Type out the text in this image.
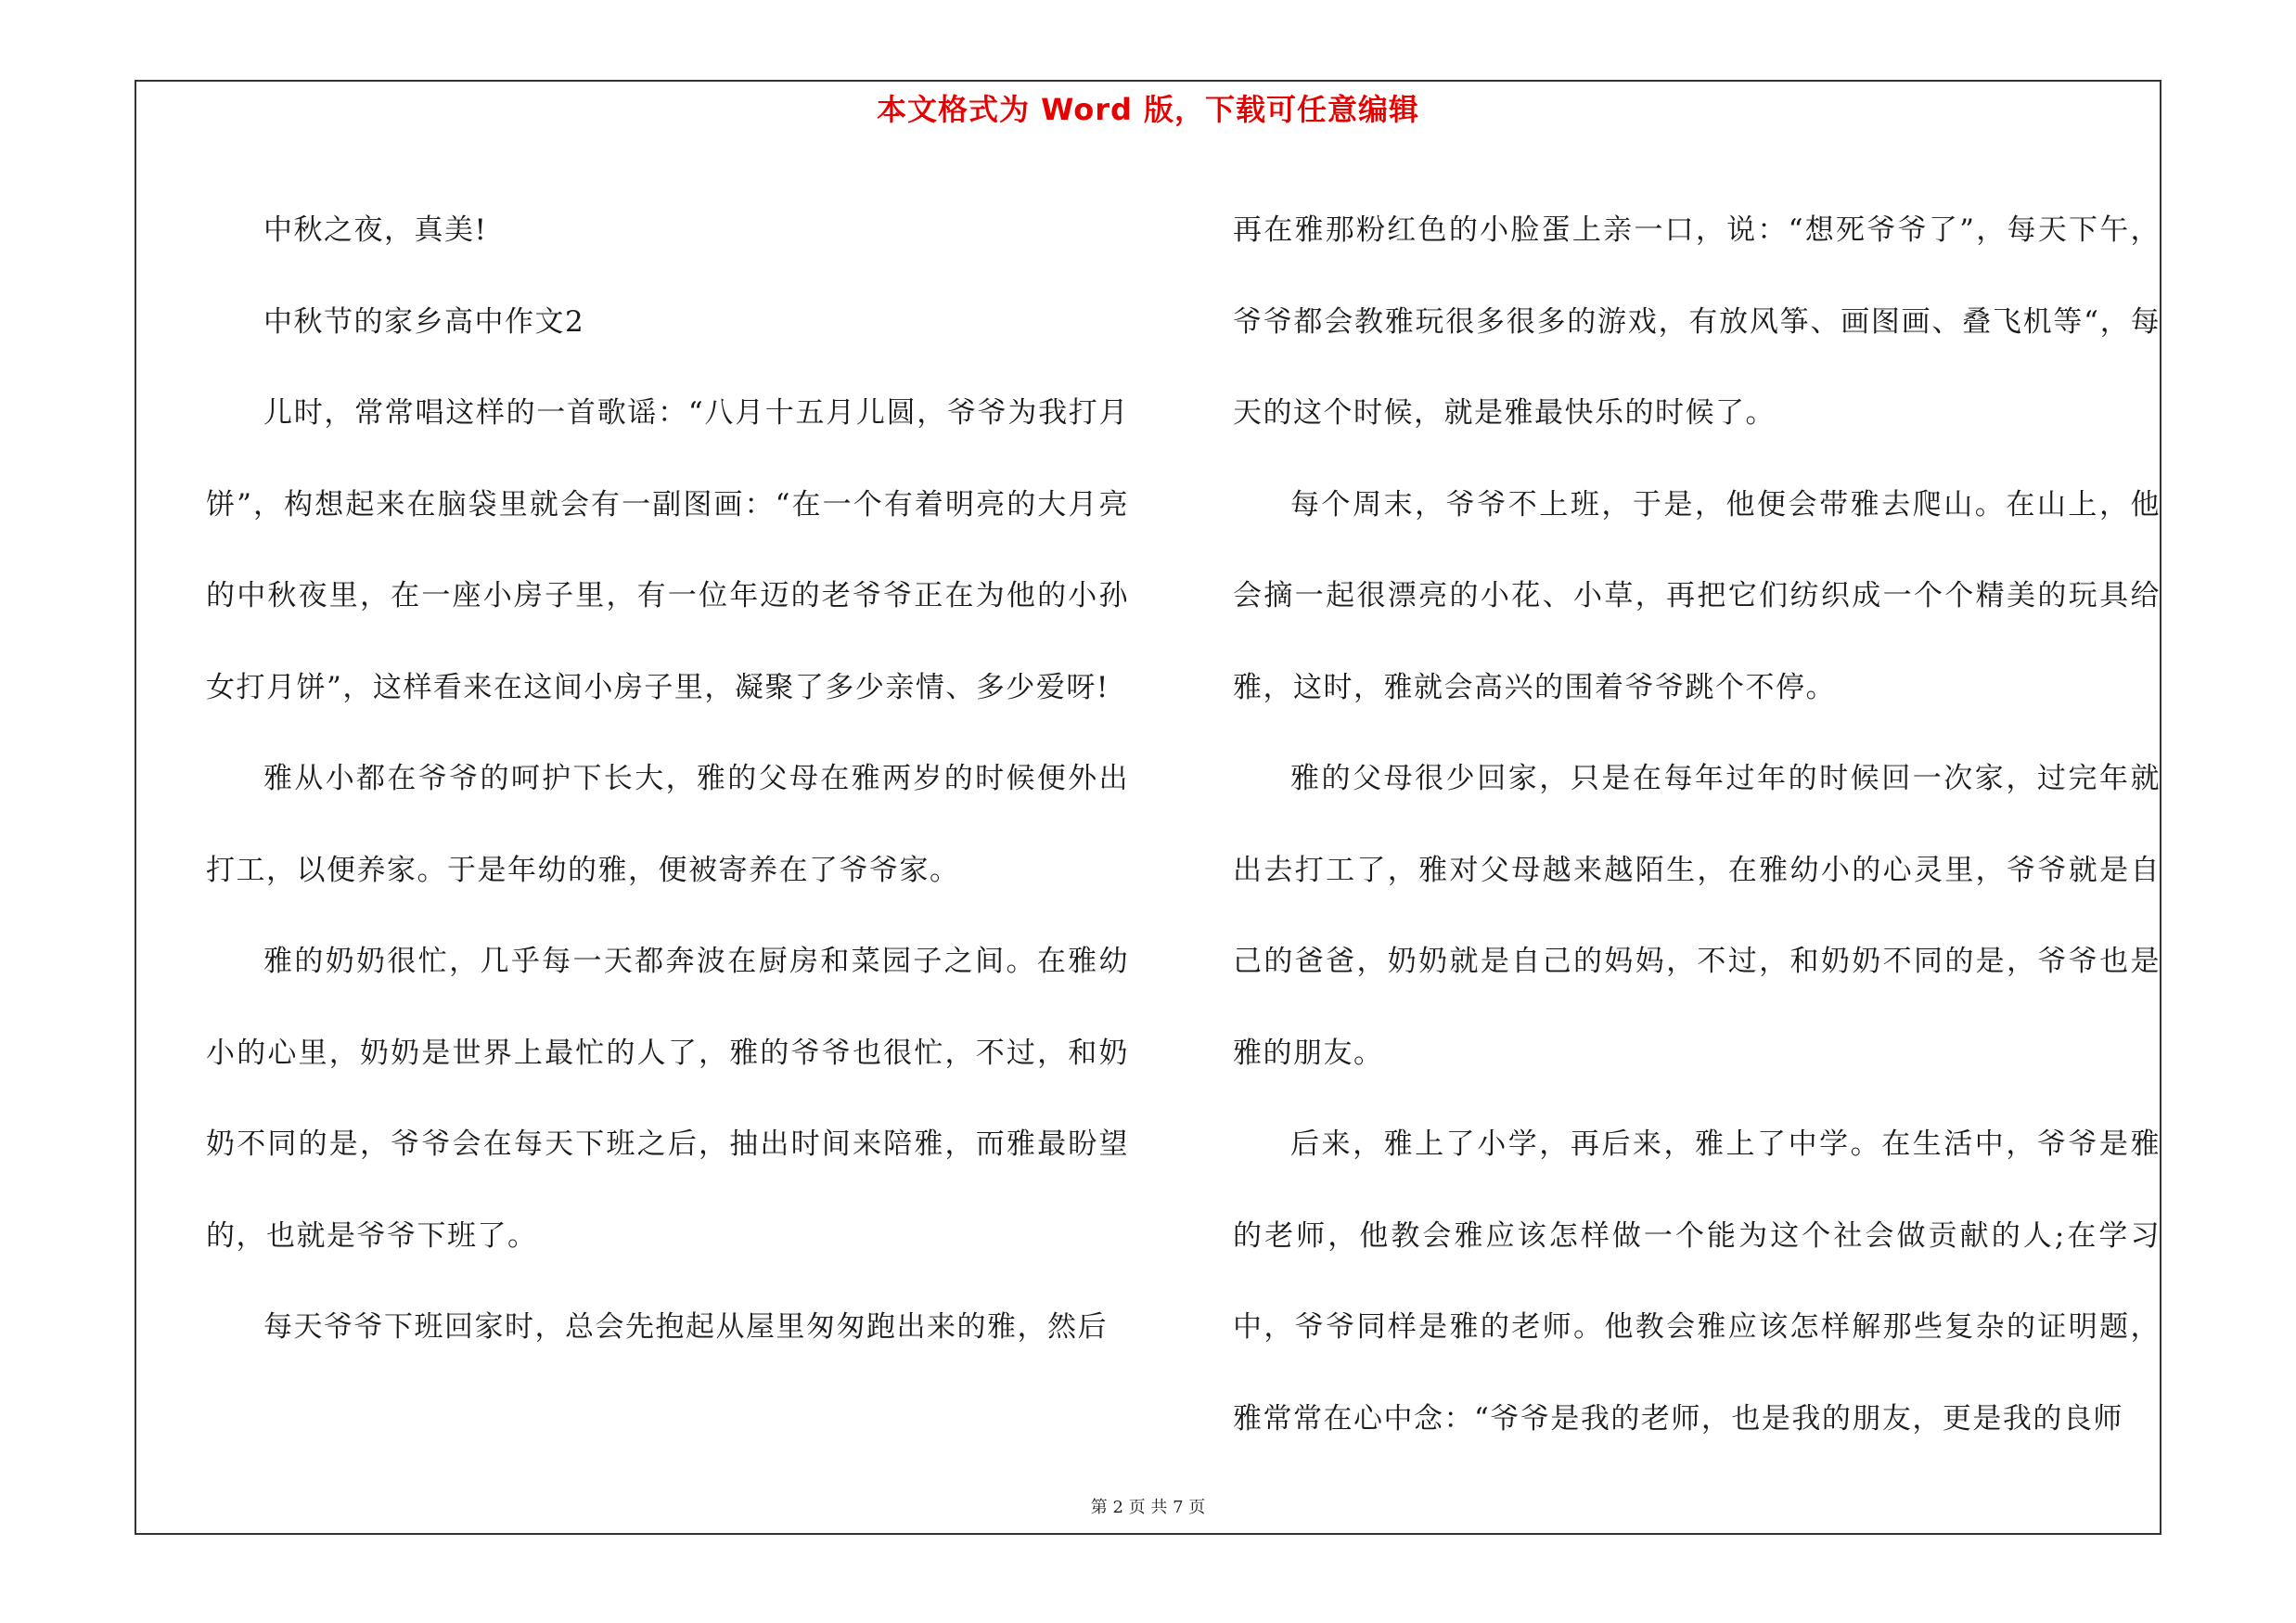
本文格式为 Word 版，下载可任意编辑

中秋之夜，真美!

中秋节的家乡高中作文2

儿时，常常唱这样的一首歌谣：“八月十五月儿圆，爷爷为我打月饼”，构想起来在脑袋里就会有一副图画：“在一个有着明亮的大月亮的中秋夜里，在一座小房子里，有一位年迈的老爷爷正在为他的小孙女打月饼”，这样看来在这间小房子里，凝聚了多少亲情、多少爱呀!

雅从小都在爷爷的呵护下长大，雅的父母在雅两岁的时候便外出打工，以便养家。于是年幼的雅，便被寄养在了爷爷家。

雅的奶奶很忙，几乎每一天都奔波在厨房和菜园子之间。在雅幼小的心里，奶奶是世界上最忙的人了，雅的爷爷也很忙，不过，和奶奶不同的是，爷爷会在每天下班之后，抽出时间来陪雅，而雅最盼望的，也就是爷爷下班了。

每天爷爷下班回家时，总会先抱起从屋里匆匆跑出来的雅，然后

再在雅那粉红色的小脸蛋上亲一口，说：“想死爷爷了”，每天下午，爷爷都会教雅玩很多很多的游戏，有放风筝、画图画、叠飞机等“，每天的这个时候，就是雅最快乐的时候了。

每个周末，爷爷不上班，于是，他便会带雅去爬山。在山上，他会摘一起很漂亮的小花、小草，再把它们纺织成一个个精美的玩具给雅，这时，雅就会高兴的围着爷爷跳个不停。

雅的父母很少回家，只是在每年过年的时候回一次家，过完年就出去打工了，雅对父母越来越陌生，在雅幼小的心灵里，爷爷就是自己的爸爸，奶奶就是自己的妈妈，不过，和奶奶不同的是，爷爷也是雅的朋友。

后来，雅上了小学，再后来，雅上了中学。在生活中，爷爷是雅的老师，他教会雅应该怎样做一个能为这个社会做贡献的人;在学习中，爷爷同样是雅的老师。他教会雅应该怎样解那些复杂的证明题，雅常常在心中念：“爷爷是我的老师，也是我的朋友，更是我的良师

第 2 页 共 7 页
